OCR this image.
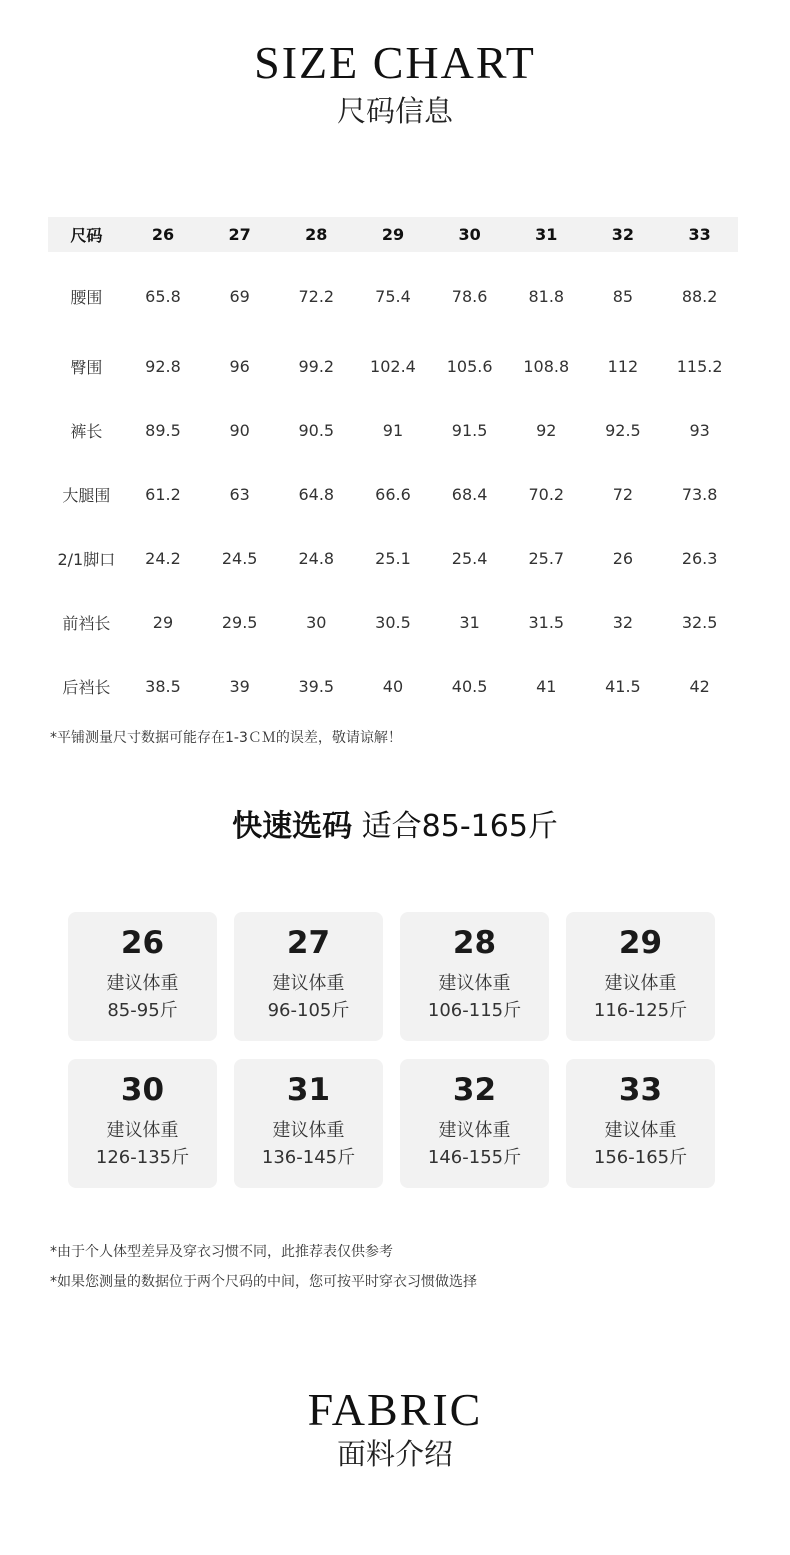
SIZE CHART
尺码信息
尺码	26	27	28	29	30	31	32	33
腰围	65.8	69	72.2	75.4	78.6	81.8	85	88.2
臀围	92.8	96	99.2	102.4	105.6	108.8	112	115.2
裤长	89.5	90	90.5	91	91.5	92	92.5	93
大腿围	61.2	63	64.8	66.6	68.4	70.2	72	73.8
2/1脚口	24.2	24.5	24.8	25.1	25.4	25.7	26	26.3
前裆长	29	29.5	30	30.5	31	31.5	32	32.5
后裆长	38.5	39	39.5	40	40.5	41	41.5	42
*平铺测量尺寸数据可能存在1-3ＣＭ的误差，敬请谅解！
快速选码 适合85-165斤
26
建议体重
85-95斤
27
建议体重
96-105斤
28
建议体重
106-115斤
29
建议体重
116-125斤
30
建议体重
126-135斤
31
建议体重
136-145斤
32
建议体重
146-155斤
33
建议体重
156-165斤
*由于个人体型差异及穿衣习惯不同，此推荐表仅供参考
*如果您测量的数据位于两个尺码的中间，您可按平时穿衣习惯做选择
FABRIC
面料介绍
